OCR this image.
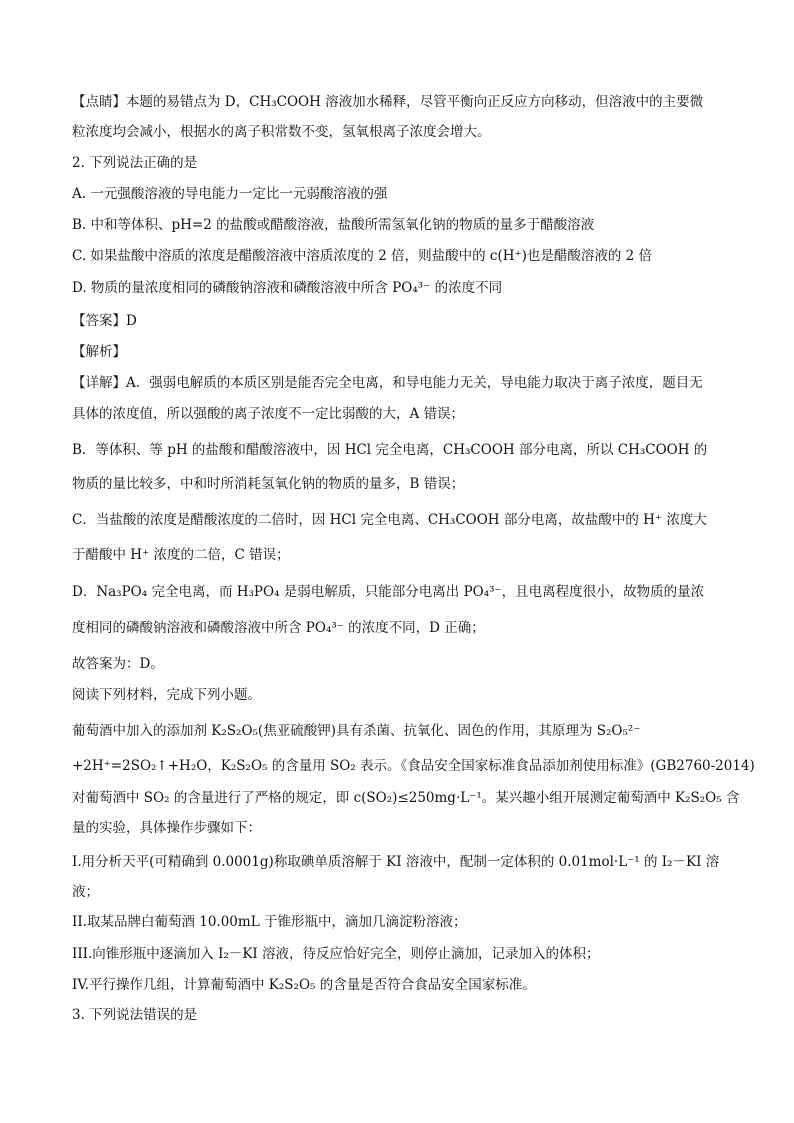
【点睛】本题的易错点为 D，CH₃COOH 溶液加水稀释，尽管平衡向正反应方向移动，但溶液中的主要微
粒浓度均会减小，根据水的离子积常数不变，氢氧根离子浓度会增大。
2. 下列说法正确的是
A. 一元强酸溶液的导电能力一定比一元弱酸溶液的强
B. 中和等体积、pH=2 的盐酸或醋酸溶液，盐酸所需氢氧化钠的物质的量多于醋酸溶液
C. 如果盐酸中溶质的浓度是醋酸溶液中溶质浓度的 2 倍，则盐酸中的 c(H⁺)也是醋酸溶液的 2 倍
D. 物质的量浓度相同的磷酸钠溶液和磷酸溶液中所含 PO₄³⁻ 的浓度不同
【答案】D
【解析】
【详解】A．强弱电解质的本质区别是能否完全电离，和导电能力无关，导电能力取决于离子浓度，题目无
具体的浓度值，所以强酸的离子浓度不一定比弱酸的大，A 错误；
B．等体积、等 pH 的盐酸和醋酸溶液中，因 HCl 完全电离，CH₃COOH 部分电离，所以 CH₃COOH 的
物质的量比较多，中和时所消耗氢氧化钠的物质的量多，B 错误；
C．当盐酸的浓度是醋酸浓度的二倍时，因 HCl 完全电离、CH₃COOH 部分电离，故盐酸中的 H⁺ 浓度大
于醋酸中 H⁺ 浓度的二倍，C 错误；
D．Na₃PO₄ 完全电离，而 H₃PO₄ 是弱电解质，只能部分电离出 PO₄³⁻，且电离程度很小，故物质的量浓
度相同的磷酸钠溶液和磷酸溶液中所含 PO₄³⁻ 的浓度不同，D 正确；
故答案为：D。
阅读下列材料，完成下列小题。
葡萄酒中加入的添加剂 K₂S₂O₅(焦亚硫酸钾)具有杀菌、抗氧化、固色的作用，其原理为 S₂O₅²⁻
+2H⁺=2SO₂↑+H₂O，K₂S₂O₅ 的含量用 SO₂ 表示。《食品安全国家标准食品添加剂使用标准》(GB2760-2014)
对葡萄酒中 SO₂ 的含量进行了严格的规定，即 c(SO₂)≤250mg·L⁻¹。某兴趣小组开展测定葡萄酒中 K₂S₂O₅ 含
量的实验，具体操作步骤如下：
I.用分析天平(可精确到 0.0001g)称取碘单质溶解于 KI 溶液中，配制一定体积的 0.01mol·L⁻¹ 的 I₂－KI 溶
液；
II.取某品牌白葡萄酒 10.00mL 于锥形瓶中，滴加几滴淀粉溶液；
III.向锥形瓶中逐滴加入 I₂－KI 溶液，待反应恰好完全，则停止滴加，记录加入的体积；
IV.平行操作几组，计算葡萄酒中 K₂S₂O₅ 的含量是否符合食品安全国家标准。
3. 下列说法错误的是
